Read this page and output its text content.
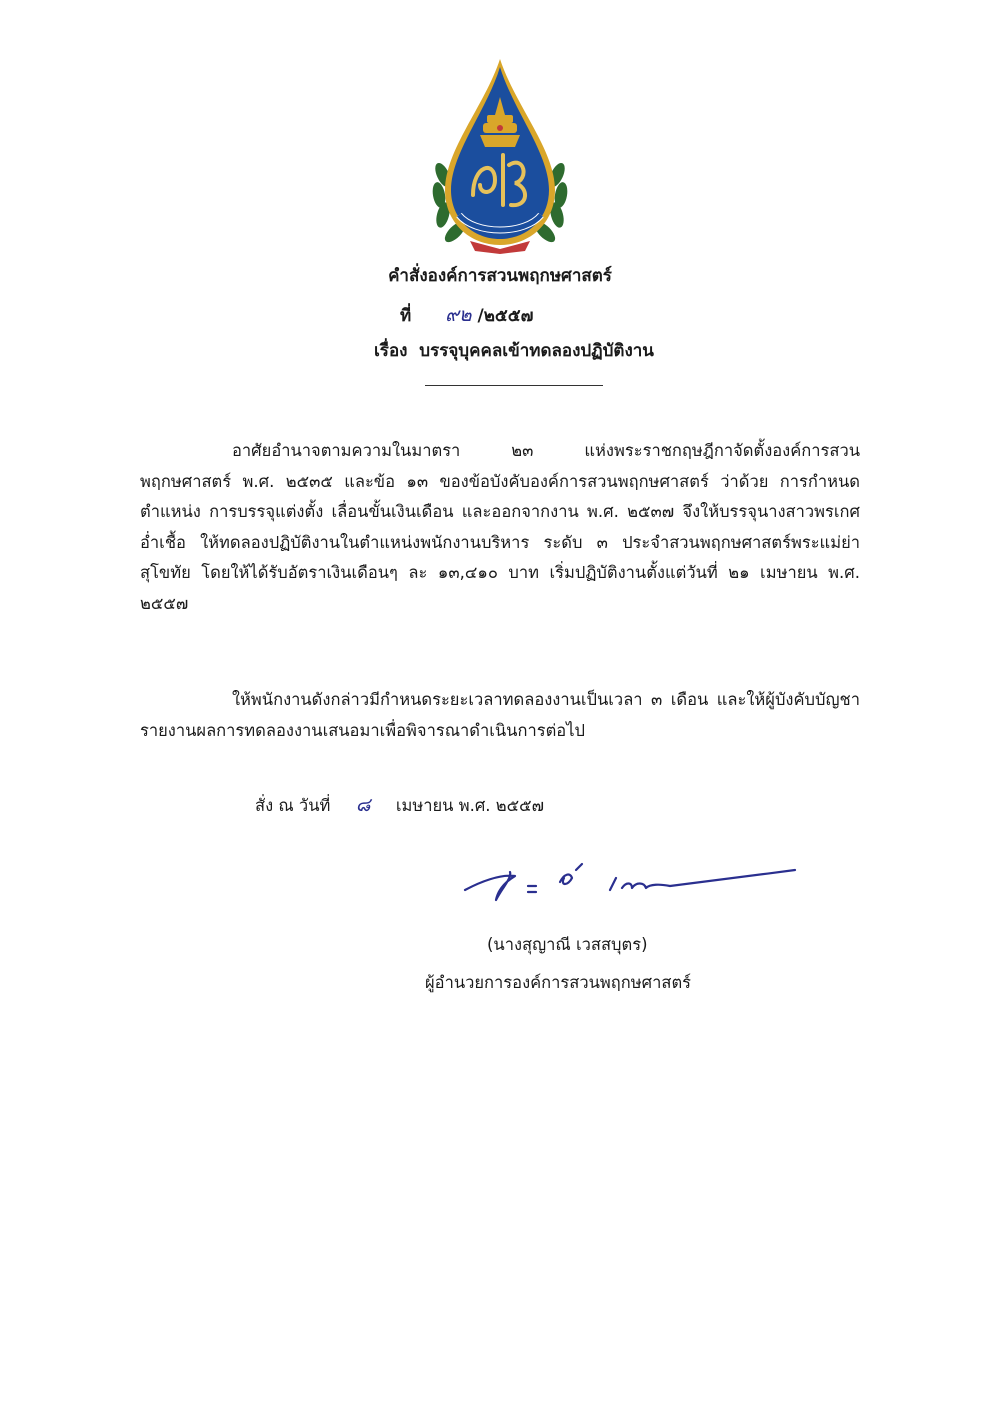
คำสั่งองค์การสวนพฤกษศาสตร์
ที่ ๙๒ /๒๕๕๗
เรื่อง บรรจุบุคคลเข้าทดลองปฏิบัติงาน
อาศัยอำนาจตามความในมาตรา ๒๓ แห่งพระราชกฤษฎีกาจัดตั้งองค์การสวน
พฤกษศาสตร์ พ.ศ. ๒๕๓๕ และข้อ ๑๓ ของข้อบังคับองค์การสวนพฤกษศาสตร์ ว่าด้วย การกำหนด
ตำแหน่ง การบรรจุแต่งตั้ง เลื่อนขั้นเงินเดือน และออกจากงาน พ.ศ. ๒๕๓๗ จึงให้บรรจุนางสาวพรเกศ
อ่ำเชื้อ ให้ทดลองปฏิบัติงานในตำแหน่งพนักงานบริหาร ระดับ ๓ ประจำสวนพฤกษศาสตร์พระแม่ย่า
สุโขทัย โดยให้ได้รับอัตราเงินเดือนๆ ละ ๑๓,๔๑๐ บาท เริ่มปฏิบัติงานตั้งแต่วันที่ ๒๑ เมษายน พ.ศ.
๒๕๕๗
ให้พนักงานดังกล่าวมีกำหนดระยะเวลาทดลองงานเป็นเวลา ๓ เดือน และให้ผู้บังคับบัญชา
รายงานผลการทดลองงานเสนอมาเพื่อพิจารณาดำเนินการต่อไป
สั่ง ณ วันที่ ๘ เมษายน พ.ศ. ๒๕๕๗
(นางสุญาณี เวสสบุตร)
ผู้อำนวยการองค์การสวนพฤกษศาสตร์
